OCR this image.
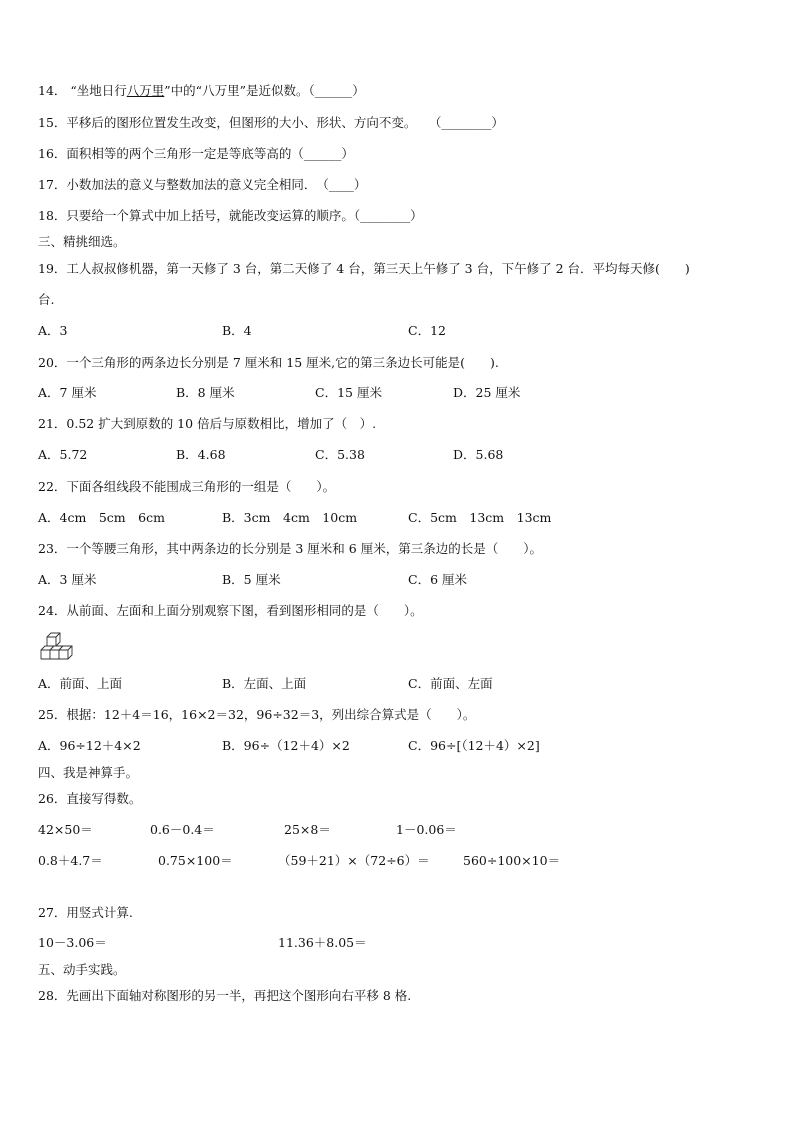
14． “坐地日行八万里”中的“八万里”是近似数。（______）
15．平移后的图形位置发生改变，但图形的大小、形状、方向不变。　　（________）
16．面积相等的两个三角形一定是等底等高的（______）
17．小数加法的意义与整数加法的意义完全相同．　（____）
18．只要给一个算式中加上括号，就能改变运算的顺序。（________）
三、精挑细选。
19．工人叔叔修机器，第一天修了 3 台，第二天修了 4 台，第三天上午修了 3 台，下午修了 2 台．平均每天修(　　)
台.
A．3	B．4	C．12
20．一个三角形的两条边长分别是 7 厘米和 15 厘米,它的第三条边长可能是(　　).
A．7 厘米	B．8 厘米	C．15 厘米	D．25 厘米
21．0.52 扩大到原数的 10 倍后与原数相比，增加了（　）.
A．5.72	B．4.68	C．5.38	D．5.68
22．下面各组线段不能围成三角形的一组是（　　）。
A．4cm　5cm　6cm	B．3cm　4cm　10cm	C．5cm　13cm　13cm
23．一个等腰三角形，其中两条边的长分别是 3 厘米和 6 厘米，第三条边的长是（　　）。
A．3 厘米	B．5 厘米	C．6 厘米
24．从前面、左面和上面分别观察下图，看到图形相同的是（　　）。
A．前面、上面	B．左面、上面	C．前面、左面
25．根据：12＋4＝16，16×2＝32，96÷32＝3，列出综合算式是（　　）。
A．96÷12＋4×2	B．96÷（12＋4）×2	C．96÷[（12＋4）×2]
四、我是神算手。
26．直接写得数。
42×50＝	0.6－0.4＝	25×8＝	1－0.06＝
0.8＋4.7＝	0.75×100＝	（59＋21）×（72÷6）＝	560÷100×10＝
27．用竖式计算.
10－3.06＝	11.36＋8.05＝
五、动手实践。
28．先画出下面轴对称图形的另一半，再把这个图形向右平移 8 格.
